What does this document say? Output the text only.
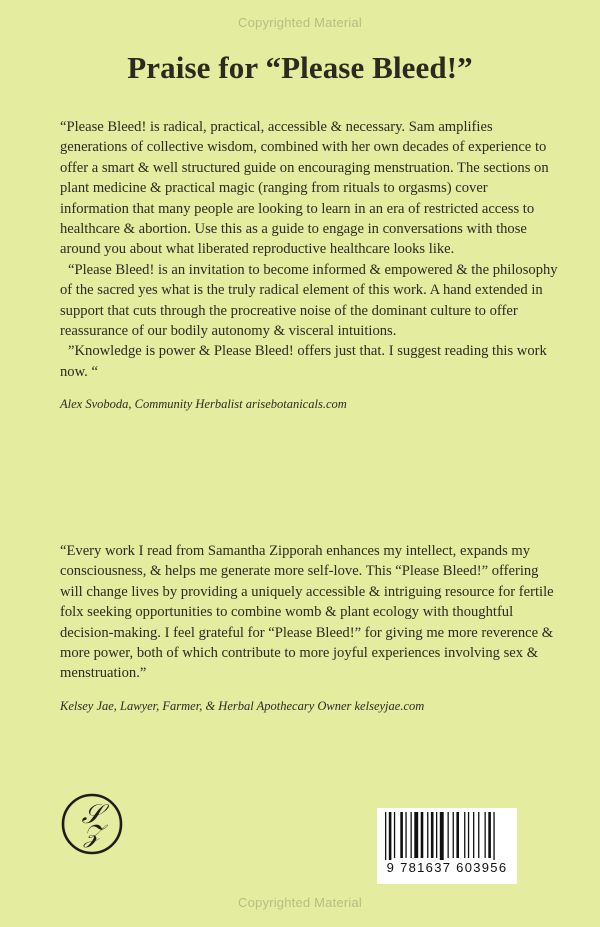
Copyrighted Material
Praise for “Please Bleed!”

“Please Bleed! is radical, practical, accessible & necessary. Sam amplifies generations of collective wisdom, combined with her own decades of experience to offer a smart & well structured guide on encouraging menstruation. The sections on plant medicine & practical magic (ranging from rituals to orgasms) cover information that many people are looking to learn in an era of restricted access to healthcare & abortion. Use this as a guide to engage in conversations with those around you about what liberated reproductive healthcare looks like.

“Please Bleed! is an invitation to become informed & empowered & the philosophy of the sacred yes what is the truly radical element of this work. A hand extended in support that cuts through the procreative noise of the dominant culture to offer reassurance of our bodily autonomy & visceral intuitions.

”Knowledge is power & Please Bleed! offers just that. I suggest reading this work now. “

Alex Svoboda, Community Herbalist arisebotanicals.com

“Every work I read from Samantha Zipporah enhances my intellect, expands my consciousness, & helps me generate more self-love. This “Please Bleed!” offering will change lives by providing a uniquely accessible & intriguing resource for fertile folx seeking opportunities to combine womb & plant ecology with thoughtful decision-making. I feel grateful for “Please Bleed!” for giving me more reverence & more power, both of which contribute to more joyful experiences involving sex & menstruation.”

Kelsey Jae, Lawyer, Farmer, & Herbal Apothecary Owner kelseyjae.com

𝒮
𝒵
9 781637 603956
Copyrighted Material
